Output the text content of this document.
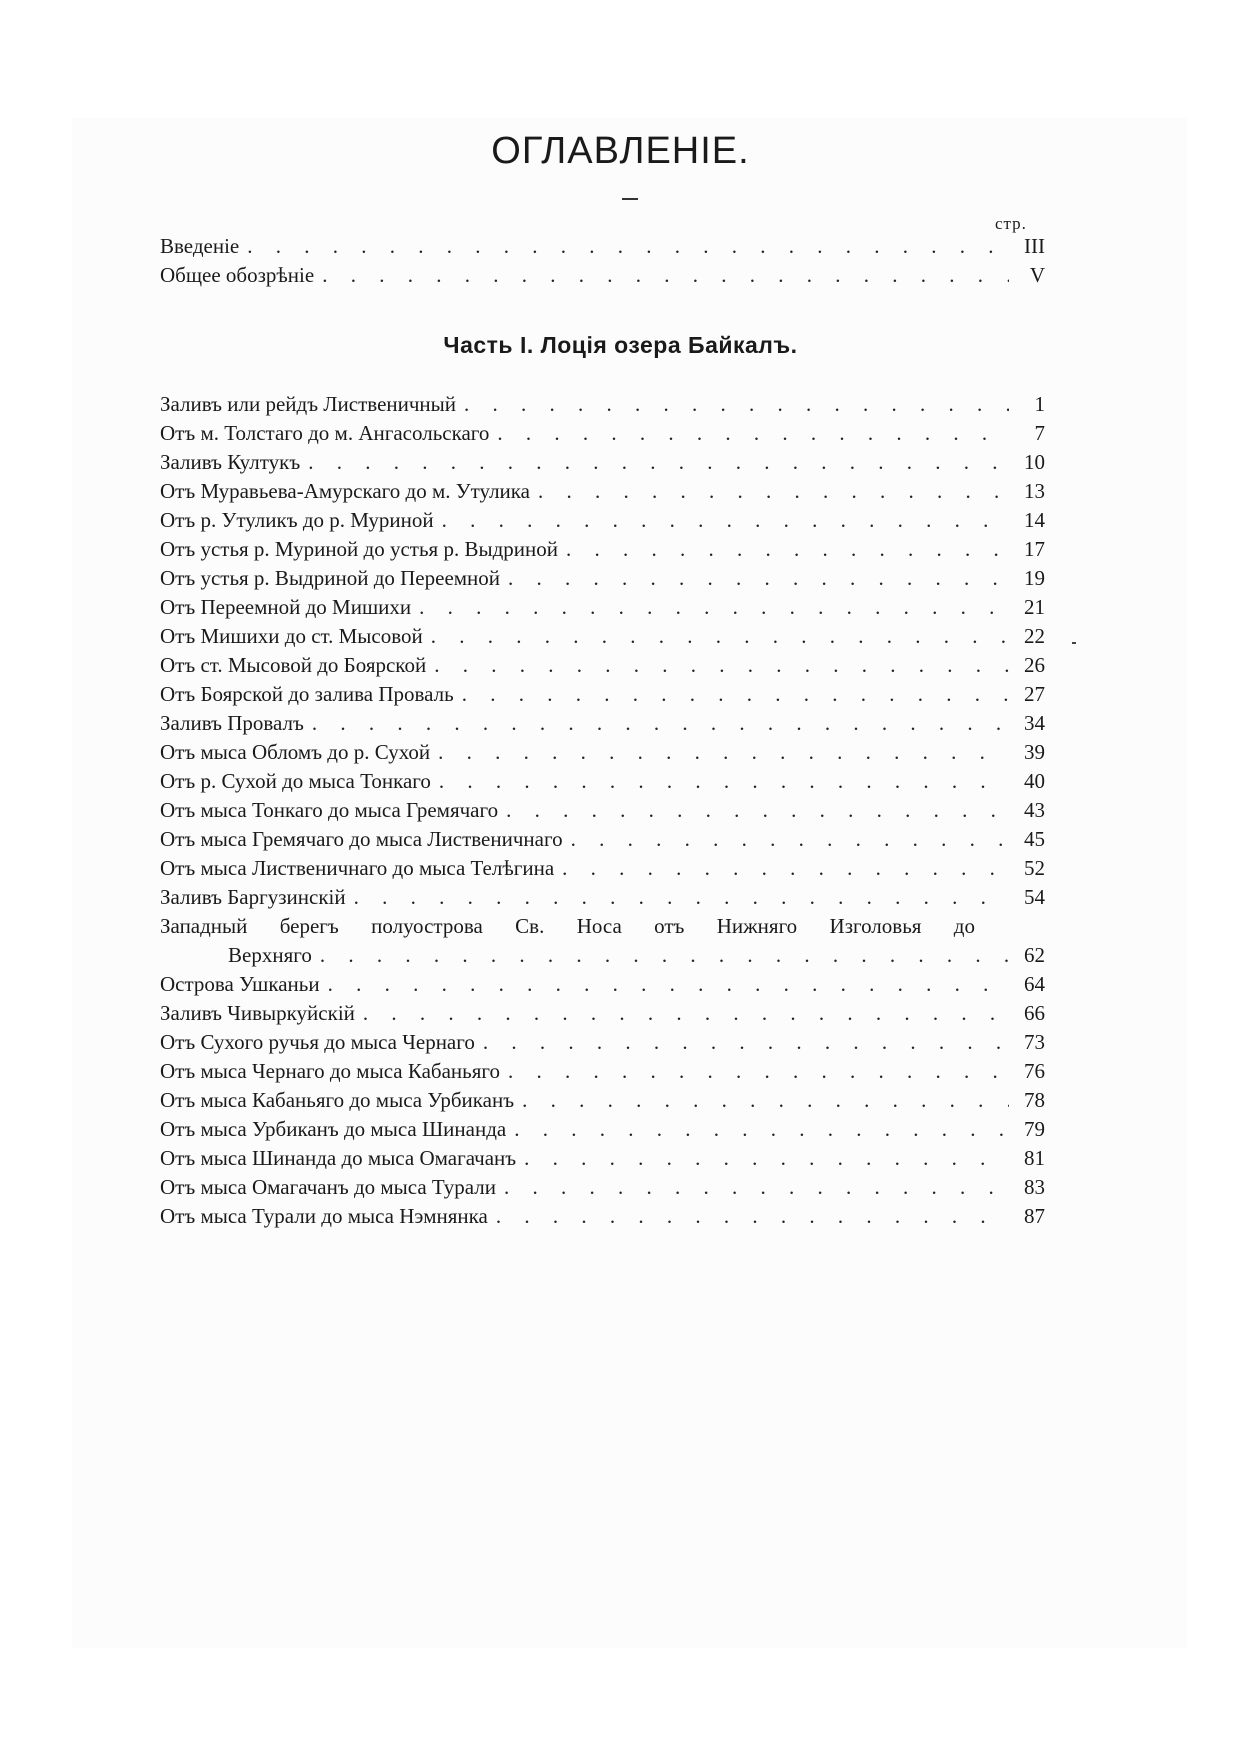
ОГЛАВЛЕНІЕ.
стр.
Введеніе . . .	III
Общее обозрѣніе . . .	V
Часть I. Лоція озера Байкалъ.
Заливъ или рейдъ Лиственичный . . .	1
Отъ м. Толстаго до м. Ангасольскаго . . .	7
Заливъ Култукъ . . .	10
Отъ Муравьева-Амурскаго до м. Утулика . . .	13
Отъ р. Утуликъ до р. Муриной . . .	14
Отъ устья р. Муриной до устья р. Выдриной . . .	17
Отъ устья р. Выдриной до Переемной . . .	19
Отъ Переемной до Мишихи . . .	21
Отъ Мишихи до ст. Мысовой . . .	22
Отъ ст. Мысовой до Боярской . . .	26
Отъ Боярской до залива Проваль . . .	27
Заливъ Провалъ . . .	34
Отъ мыса Обломъ до р. Сухой . . .	39
Отъ р. Сухой до мыса Тонкаго . . .	40
Отъ мыса Тонкаго до мыса Гремячаго . . .	43
Отъ мыса Гремячаго до мыса Лиственичнаго . . .	45
Отъ мыса Лиственичнаго до мыса Телѣгина . . .	52
Заливъ Баргузинскій . . .	54
Западный берегъ полуострова Св. Носа отъ Нижняго Изголовья до
Верхняго . . .	62
Острова Ушканьи . . .	64
Заливъ Чивыркуйскій . . .	66
Отъ Сухого ручья до мыса Чернаго . . .	73
Отъ мыса Чернаго до мыса Кабаньяго . . .	76
Отъ мыса Кабаньяго до мыса Урбиканъ . . .	78
Отъ мыса Урбиканъ до мыса Шинанда . . .	79
Отъ мыса Шинанда до мыса Омагачанъ . . .	81
Отъ мыса Омагачанъ до мыса Турали . . .	83
Отъ мыса Турали до мыса Нэмнянка . . .	87
